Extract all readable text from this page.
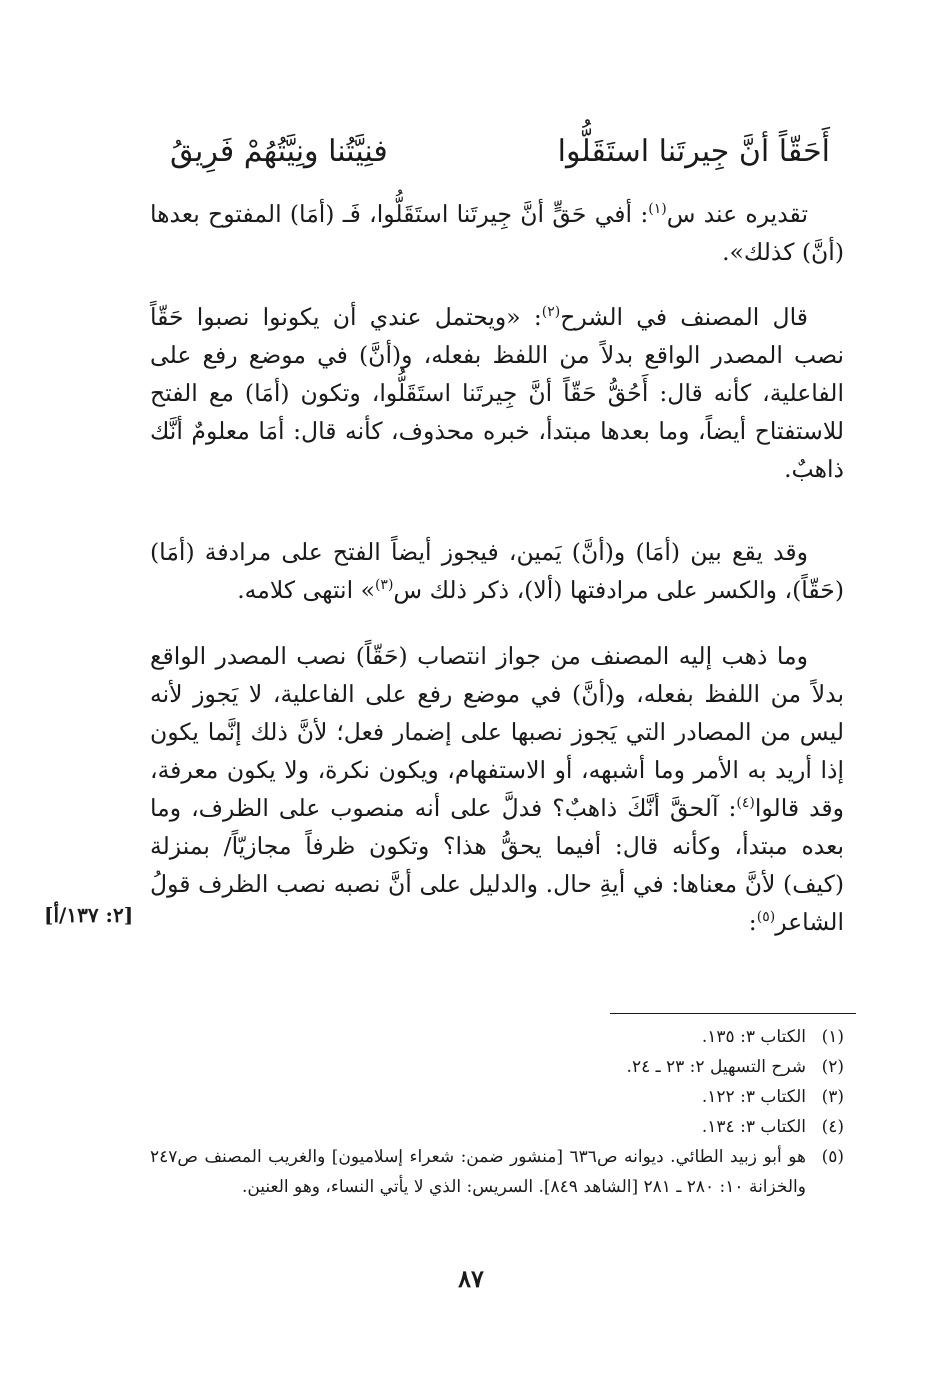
أَحَقّاً أنَّ جِيرتَنا استَقَلُّوا
فنِيَّتُنا ونِيَّتُهُمْ فَرِيقُ

تقديره عند س$^{(١)}$: أفي حَقٍّ أنَّ جِيرتَنا استَقَلُّوا، فَـ (أمَا) المفتوح بعدها (أنَّ) كذلك».

قال المصنف في الشرح$^{(٢)}$: «ويحتمل عندي أن يكونوا نصبوا حَقّاً نصب المصدر الواقع بدلاً من اللفظ بفعله، و(أنَّ) في موضع رفع على الفاعلية، كأنه قال: أَحُقُّ حَقّاً أنَّ جِيرتَنا استَقَلُّوا، وتكون (أمَا) مع الفتح للاستفتاح أيضاً، وما بعدها مبتدأ، خبره محذوف، كأنه قال: أمَا معلومٌ أنَّك ذاهبٌ.

وقد يقع بين (أمَا) و(أنَّ) يَمين، فيجوز أيضاً الفتح على مرادفة (أمَا) (حَقّاً)، والكسر على مرادفتها (ألا)، ذكر ذلك س$^{(٣)}$» انتهى كلامه.

وما ذهب إليه المصنف من جواز انتصاب (حَقّاً) نصب المصدر الواقع بدلاً من اللفظ بفعله، و(أنَّ) في موضع رفع على الفاعلية، لا يَجوز لأنه ليس من المصادر التي يَجوز نصبها على إضمار فعل؛ لأنَّ ذلك إنَّما يكون إذا أريد به الأمر وما أشبهه، أو الاستفهام، ويكون نكرة، ولا يكون معرفة، وقد قالوا$^{(٤)}$: آلحقَّ أنَّكَ ذاهبٌ؟ فدلَّ على أنه منصوب على الظرف، وما بعده مبتدأ، وكأنه قال: أفيما يحقُّ هذا؟ وتكون ظرفاً مجازيّاً/ بمنزلة (كيف) لأنَّ معناها: في أيةِ حال. والدليل على أنَّ نصبه نصب الظرف قولُ الشاعر$^{(٥)}$:

[٢: ١٣٧/أ]
(١)
الكتاب ٣: ١٣٥.
(٢)
شرح التسهيل ٢: ٢٣ ـ ٢٤.
(٣)
الكتاب ٣: ١٢٢.
(٤)
الكتاب ٣: ١٣٤.
(٥)
هو أبو زبيد الطائي. ديوانه ص٦٣٦ [منشور ضمن: شعراء إسلاميون] والغريب المصنف ص٢٤٧ والخزانة ١٠: ٢٨٠ ـ ٢٨١ [الشاهد ٨٤٩]. السريس: الذي لا يأتي النساء، وهو العنين.
٨٧
